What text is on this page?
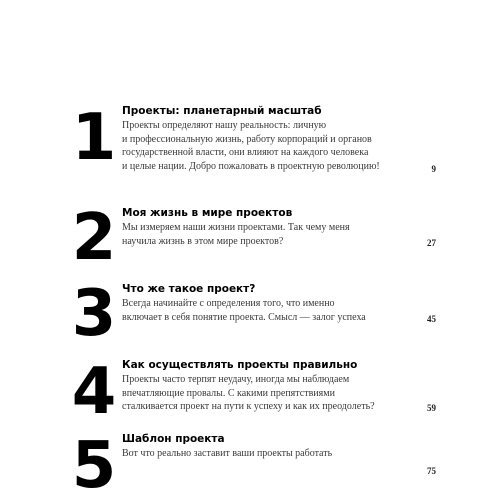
1 Проекты: планетарный масштаб
Проекты определяют нашу реальность: личную
и профессиональную жизнь, работу корпораций и органов
государственной власти, они влияют на каждого человека
и целые нации. Добро пожаловать в проектную революцию!	9
2 Моя жизнь в мире проектов
Мы измеряем наши жизни проектами. Так чему меня
научила жизнь в этом мире проектов?	27
3 Что же такое проект?
Всегда начинайте с определения того, что именно
включает в себя понятие проекта. Смысл — залог успеха	45
4 Как осуществлять проекты правильно
Проекты часто терпят неудачу, иногда мы наблюдаем
впечатляющие провалы. С какими препятствиями
сталкивается проект на пути к успеху и как их преодолеть?	59
5 Шаблон проекта
Вот что реально заставит ваши проекты работать
75
